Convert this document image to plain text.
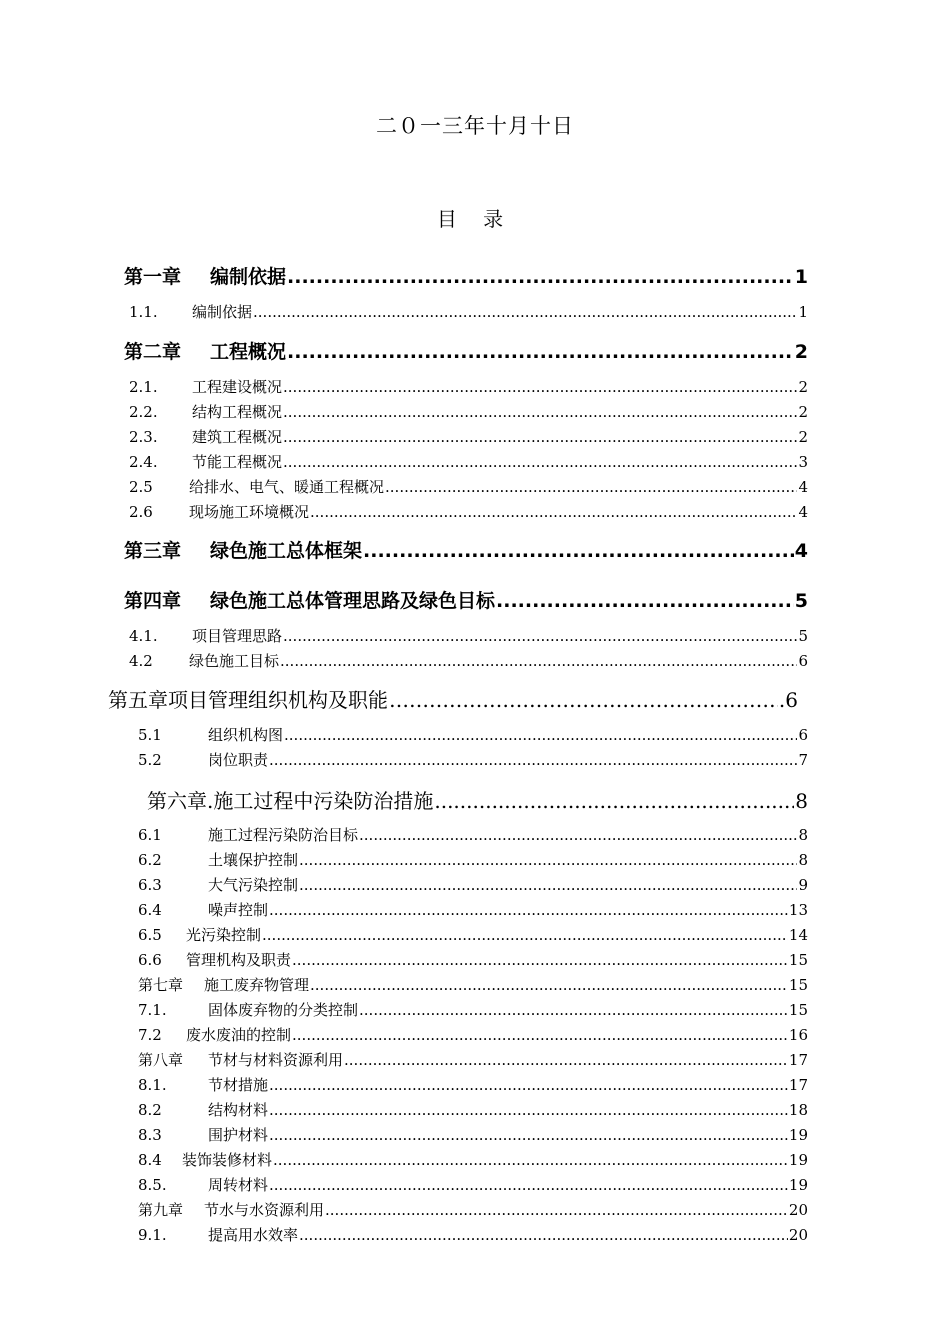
二０一三年十月十日
目 录
第一章	编制依据 .....	1
1.1.	编制依据 .....	1
第二章	工程概况 .....	2
2.1.	工程建设概况 .....	2
2.2.	结构工程概况 .....	2
2.3.	建筑工程概况 .....	2
2.4.	节能工程概况 .....	3
2.5	给排水、电气、暖通工程概况 .....	4
2.6	现场施工环境概况 .....	4
第三章	绿色施工总体框架 .....	4
第四章	绿色施工总体管理思路及绿色目标 .....	5
4.1.	项目管理思路 .....	5
4.2	绿色施工目标 .....	6
第五章项目管理组织机构及职能 …………………………………………………………………………………………………………………	.6
5.1	组织机构图 .....	6
5.2	岗位职责 .....	7
第六章.施工过程中污染防治措施 .....	8
6.1	施工过程污染防治目标 .....	8
6.2	土壤保护控制 .....	8
6.3	大气污染控制 .....	9
6.4	噪声控制 .....	13
6.5	光污染控制 .....	14
6.6	管理机构及职责 .....	15
第七章	施工废弃物管理 .....	15
7.1.	固体废弃物的分类控制 .....	15
7.2	废水废油的控制 .....	16
第八章	节材与材料资源利用 .....	17
8.1.	节材措施 .....	17
8.2	结构材料 .....	18
8.3	围护材料 .....	19
8.4	装饰装修材料 .....	19
8.5.	周转材料 .....	19
第九章	节水与水资源利用 .....	20
9.1.	提高用水效率 .....	20
